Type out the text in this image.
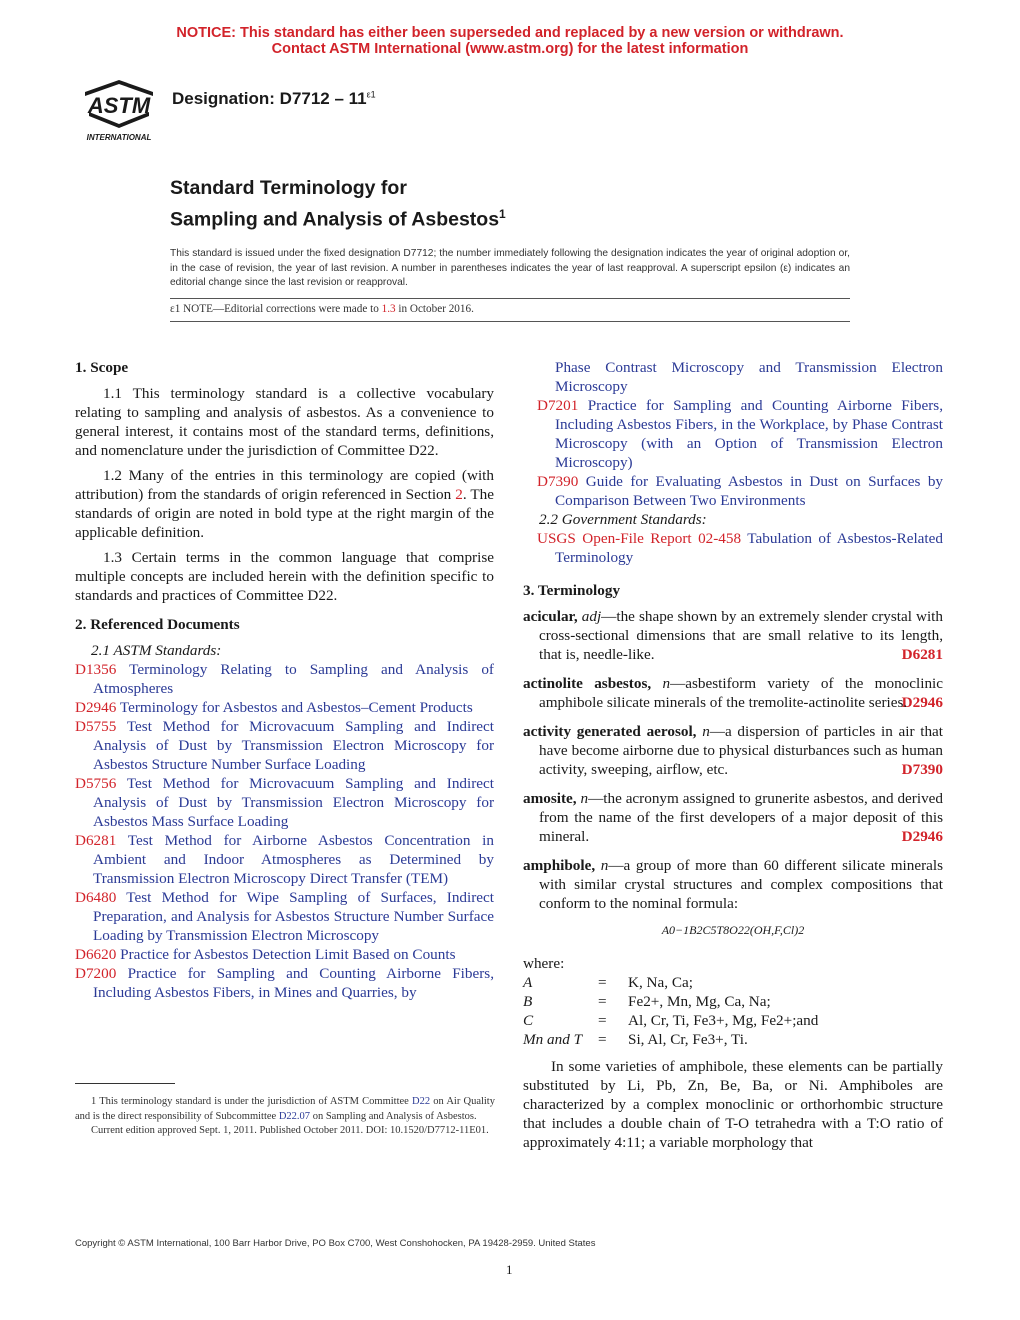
NOTICE: This standard has either been superseded and replaced by a new version or withdrawn.
Contact ASTM International (www.astm.org) for the latest information
ASTM
INTERNATIONAL
Designation: $D7712 - 11^{\varepsilon 1}$
Standard Terminology for
Sampling and Analysis of Asbestos$^1$
This standard is issued under the fixed designation D7712; the number immediately following the designation indicates the year of original adoption or, in the case of revision, the year of last revision. A number in parentheses indicates the year of last reapproval. A superscript epsilon (ε) indicates an editorial change since the last revision or reapproval.
ε1 NOTE—Editorial corrections were made to 1.3 in October 2016.
1. Scope

1.1 This terminology standard is a collective vocabulary relating to sampling and analysis of asbestos. As a convenience to general interest, it contains most of the standard terms, definitions, and nomenclature under the jurisdiction of Committee D22.

1.2 Many of the entries in this terminology are copied (with attribution) from the standards of origin referenced in Section 2. The standards of origin are noted in bold type at the right margin of the applicable definition.

1.3 Certain terms in the common language that comprise multiple concepts are included herein with the definition specific to standards and practices of Committee D22.

2. Referenced Documents

2.1 ASTM Standards:

D1356 Terminology Relating to Sampling and Analysis of Atmospheres

D2946 Terminology for Asbestos and Asbestos–Cement Products

D5755 Test Method for Microvacuum Sampling and Indirect Analysis of Dust by Transmission Electron Microscopy for Asbestos Structure Number Surface Loading

D5756 Test Method for Microvacuum Sampling and Indirect Analysis of Dust by Transmission Electron Microscopy for Asbestos Mass Surface Loading

D6281 Test Method for Airborne Asbestos Concentration in Ambient and Indoor Atmospheres as Determined by Transmission Electron Microscopy Direct Transfer (TEM)

D6480 Test Method for Wipe Sampling of Surfaces, Indirect Preparation, and Analysis for Asbestos Structure Number Surface Loading by Transmission Electron Microscopy

D6620 Practice for Asbestos Detection Limit Based on Counts

D7200 Practice for Sampling and Counting Airborne Fibers, Including Asbestos Fibers, in Mines and Quarries, by

1 This terminology standard is under the jurisdiction of ASTM Committee D22 on Air Quality and is the direct responsibility of Subcommittee D22.07 on Sampling and Analysis of Asbestos.

Current edition approved Sept. 1, 2011. Published October 2011. DOI: 10.1520/D7712-11E01.

Phase Contrast Microscopy and Transmission Electron Microscopy

D7201 Practice for Sampling and Counting Airborne Fibers, Including Asbestos Fibers, in the Workplace, by Phase Contrast Microscopy (with an Option of Transmission Electron Microscopy)

D7390 Guide for Evaluating Asbestos in Dust on Surfaces by Comparison Between Two Environments

2.2 Government Standards:

USGS Open-File Report 02-458 Tabulation of Asbestos-Related Terminology

3. Terminology

acicular, adj—the shape shown by an extremely slender crystal with cross-sectional dimensions that are small relative to its length, that is, needle-like.	D6281

actinolite asbestos, n—asbestiform variety of the monoclinic amphibole silicate minerals of the tremolite-actinolite series.
D2946

activity generated aerosol, n—a dispersion of particles in air that have become airborne due to physical disturbances such as human activity, sweeping, airflow, etc.	D7390

amosite, n—the acronym assigned to grunerite asbestos, and derived from the name of the first developers of a major deposit of this mineral.	D2946

amphibole, n—a group of more than 60 different silicate minerals with similar crystal structures and complex compositions that conform to the nominal formula:

A0−1B2C5T8O22(OH,F,Cl)2

where:

A	=	K, Na, Ca;
B	=	Fe2+, Mn, Mg, Ca, Na;
C	=	Al, Cr, Ti, Fe3+, Mg, Fe2+;and
Mn and T	=	Si, Al, Cr, Fe3+, Ti.

In some varieties of amphibole, these elements can be partially substituted by Li, Pb, Zn, Be, Ba, or Ni. Amphiboles are characterized by a complex monoclinic or orthorhombic structure that includes a double chain of T-O tetrahedra with a T:O ratio of approximately 4:11; a variable morphology that

Copyright © ASTM International, 100 Barr Harbor Drive, PO Box C700, West Conshohocken, PA 19428-2959. United States
1
